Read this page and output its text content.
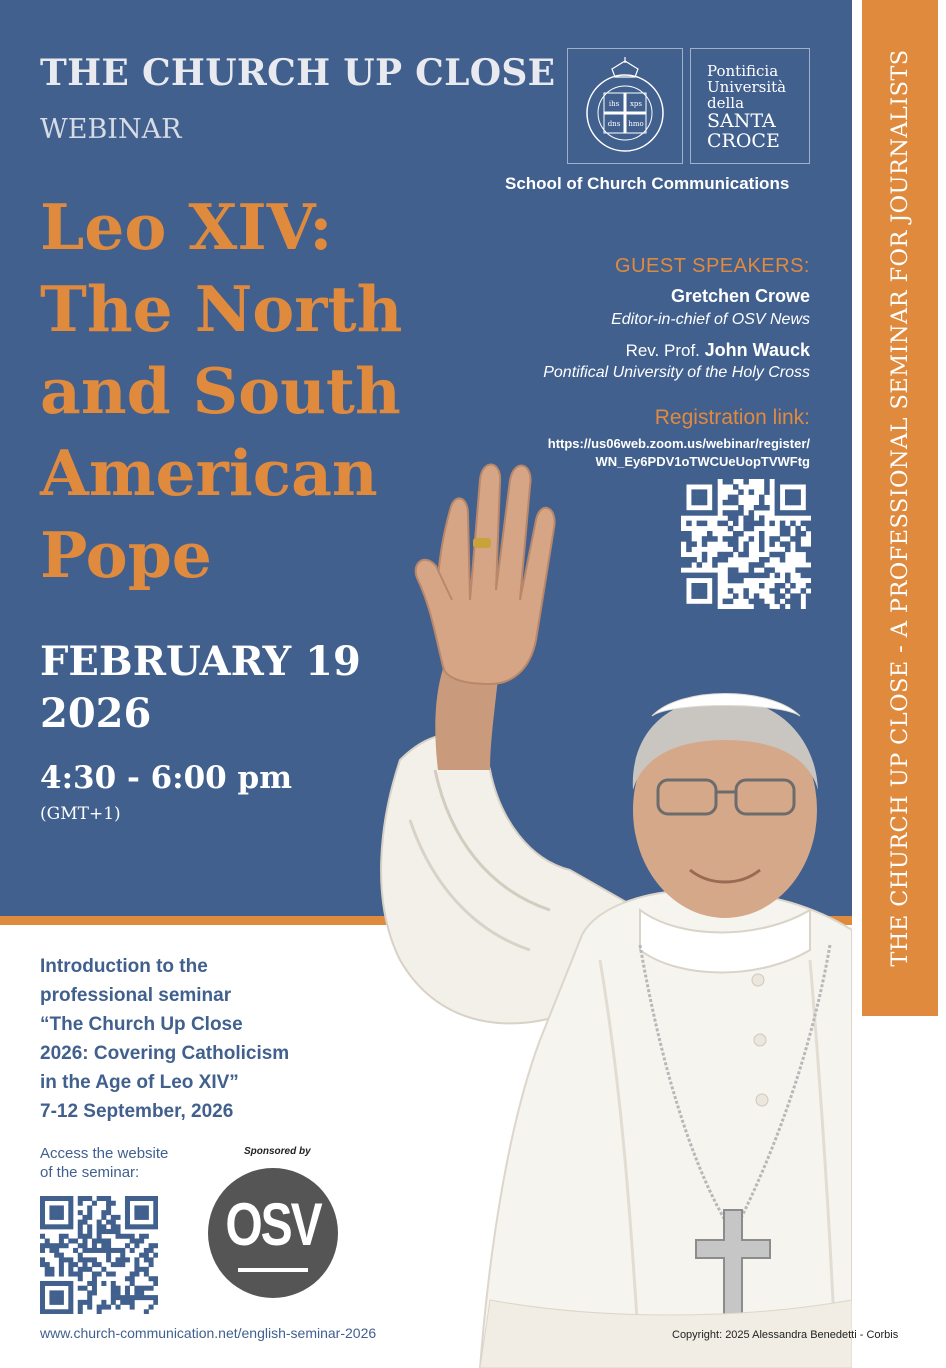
THE CHURCH UP CLOSE - A PROFESSIONAL SEMINAR FOR JOURNALISTS
THE CHURCH UP CLOSE
WEBINAR
Leo XIV:
The North
and South
American
Pope
FEBRUARY 19
2026
4:30 - 6:00 pm
(GMT+1)
ihs xps
dns hmo
Pontificia
Università
della
SANTA
CROCE
School of Church Communications
GUEST SPEAKERS:
Gretchen Crowe
Editor-in-chief of OSV News
Rev. Prof. John Wauck
Pontifical University of the Holy Cross
Registration link:
https://us06web.zoom.us/webinar/register/
WN_Ey6PDV1oTWCUeUopTVWFtg
Introduction to the
professional seminar
“The Church Up Close
2026: Covering Catholicism
in the Age of Leo XIV”
7-12 September, 2026
Access the website
of the seminar:
Sponsored by
OSV
www.church-communication.net/english-seminar-2026	Copyright: 2025 Alessandra Benedetti - Corbis
